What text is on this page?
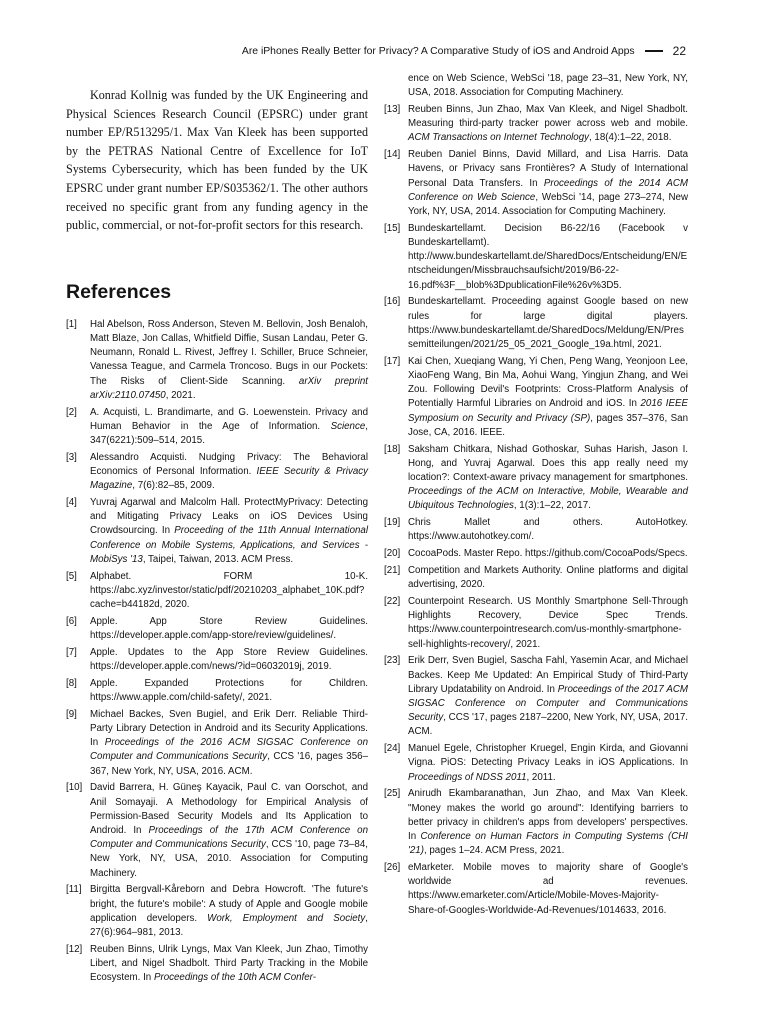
Are iPhones Really Better for Privacy? A Comparative Study of iOS and Android Apps	22

Konrad Kollnig was funded by the UK Engineering and Physical Sciences Research Council (EPSRC) under grant number EP/R513295/1. Max Van Kleek has been supported by the PETRAS National Centre of Excellence for IoT Systems Cybersecurity, which has been funded by the UK EPSRC under grant number EP/S035362/1. The other authors received no specific grant from any funding agency in the public, commercial, or not-for-profit sectors for this research.

References
[1]	Hal Abelson, Ross Anderson, Steven M. Bellovin, Josh Benaloh, Matt Blaze, Jon Callas, Whitfield Diffie, Susan Landau, Peter G. Neumann, Ronald L. Rivest, Jeffrey I. Schiller, Bruce Schneier, Vanessa Teague, and Carmela Troncoso. Bugs in our Pockets: The Risks of Client-Side Scanning. arXiv preprint arXiv:2110.07450, 2021.
[2]	A. Acquisti, L. Brandimarte, and G. Loewenstein. Privacy and Human Behavior in the Age of Information. Science, 347(6221):509–514, 2015.
[3]	Alessandro Acquisti. Nudging Privacy: The Behavioral Economics of Personal Information. IEEE Security & Privacy Magazine, 7(6):82–85, 2009.
[4]	Yuvraj Agarwal and Malcolm Hall. ProtectMyPrivacy: Detecting and Mitigating Privacy Leaks on iOS Devices Using Crowdsourcing. In Proceeding of the 11th Annual International Conference on Mobile Systems, Applications, and Services - MobiSys '13, Taipei, Taiwan, 2013. ACM Press.
[5]	Alphabet. FORM 10-K. https://abc.xyz/investor/static/pdf/20210203_alphabet_10K.pdf?cache=b44182d, 2020.
[6]	Apple. App Store Review Guidelines. https://developer.apple.com/app-store/review/guidelines/.
[7]	Apple. Updates to the App Store Review Guidelines. https://developer.apple.com/news/?id=06032019j, 2019.
[8]	Apple. Expanded Protections for Children. https://www.apple.com/child-safety/, 2021.
[9]	Michael Backes, Sven Bugiel, and Erik Derr. Reliable Third-Party Library Detection in Android and its Security Applications. In Proceedings of the 2016 ACM SIGSAC Conference on Computer and Communications Security, CCS '16, pages 356–367, New York, NY, USA, 2016. ACM.
[10] David Barrera, H. Güneş Kayacik, Paul C. van Oorschot, and Anil Somayaji. A Methodology for Empirical Analysis of Permission-Based Security Models and Its Application to Android. In Proceedings of the 17th ACM Conference on Computer and Communications Security, CCS '10, page 73–84, New York, NY, USA, 2010. Association for Computing Machinery.
[11] Birgitta Bergvall-Kåreborn and Debra Howcroft. 'The future's bright, the future's mobile': A study of Apple and Google mobile application developers. Work, Employment and Society, 27(6):964–981, 2013.
[12] Reuben Binns, Ulrik Lyngs, Max Van Kleek, Jun Zhao, Timothy Libert, and Nigel Shadbolt. Third Party Tracking in the Mobile Ecosystem. In Proceedings of the 10th ACM Confer-
ence on Web Science, WebSci '18, page 23–31, New York, NY, USA, 2018. Association for Computing Machinery.
[13] Reuben Binns, Jun Zhao, Max Van Kleek, and Nigel Shadbolt. Measuring third-party tracker power across web and mobile. ACM Transactions on Internet Technology, 18(4):1–22, 2018.
[14] Reuben Daniel Binns, David Millard, and Lisa Harris. Data Havens, or Privacy sans Frontières? A Study of International Personal Data Transfers. In Proceedings of the 2014 ACM Conference on Web Science, WebSci '14, page 273–274, New York, NY, USA, 2014. Association for Computing Machinery.
[15] Bundeskartellamt. Decision B6-22/16 (Facebook v Bundeskartellamt). http://www.bundeskartellamt.de/SharedDocs/Entscheidung/EN/Entscheidungen/Missbrauchsaufsicht/2019/B6-22-16.pdf%3F__blob%3DpublicationFile%26v%3D5.
[16] Bundeskartellamt. Proceeding against Google based on new rules for large digital players. https://www.bundeskartellamt.de/SharedDocs/Meldung/EN/Pressemitteilungen/2021/25_05_2021_Google_19a.html, 2021.
[17] Kai Chen, Xueqiang Wang, Yi Chen, Peng Wang, Yeonjoon Lee, XiaoFeng Wang, Bin Ma, Aohui Wang, Yingjun Zhang, and Wei Zou. Following Devil's Footprints: Cross-Platform Analysis of Potentially Harmful Libraries on Android and iOS. In 2016 IEEE Symposium on Security and Privacy (SP), pages 357–376, San Jose, CA, 2016. IEEE.
[18] Saksham Chitkara, Nishad Gothoskar, Suhas Harish, Jason I. Hong, and Yuvraj Agarwal. Does this app really need my location?: Context-aware privacy management for smartphones. Proceedings of the ACM on Interactive, Mobile, Wearable and Ubiquitous Technologies, 1(3):1–22, 2017.
[19] Chris Mallet and others. AutoHotkey. https://www.autohotkey.com/.
[20] CocoaPods. Master Repo. https://github.com/CocoaPods/Specs.
[21] Competition and Markets Authority. Online platforms and digital advertising, 2020.
[22] Counterpoint Research. US Monthly Smartphone Sell-Through Highlights Recovery, Device Spec Trends. https://www.counterpointresearch.com/us-monthly-smartphone-sell-highlights-recovery/, 2021.
[23] Erik Derr, Sven Bugiel, Sascha Fahl, Yasemin Acar, and Michael Backes. Keep Me Updated: An Empirical Study of Third-Party Library Updatability on Android. In Proceedings of the 2017 ACM SIGSAC Conference on Computer and Communications Security, CCS '17, pages 2187–2200, New York, NY, USA, 2017. ACM.
[24] Manuel Egele, Christopher Kruegel, Engin Kirda, and Giovanni Vigna. PiOS: Detecting Privacy Leaks in iOS Applications. In Proceedings of NDSS 2011, 2011.
[25] Anirudh Ekambaranathan, Jun Zhao, and Max Van Kleek. "Money makes the world go around": Identifying barriers to better privacy in children's apps from developers' perspectives. In Conference on Human Factors in Computing Systems (CHI '21), pages 1–24. ACM Press, 2021.
[26] eMarketer. Mobile moves to majority share of Google's worldwide ad revenues. https://www.emarketer.com/Article/Mobile-Moves-Majority-Share-of-Googles-Worldwide-Ad-Revenues/1014633, 2016.
